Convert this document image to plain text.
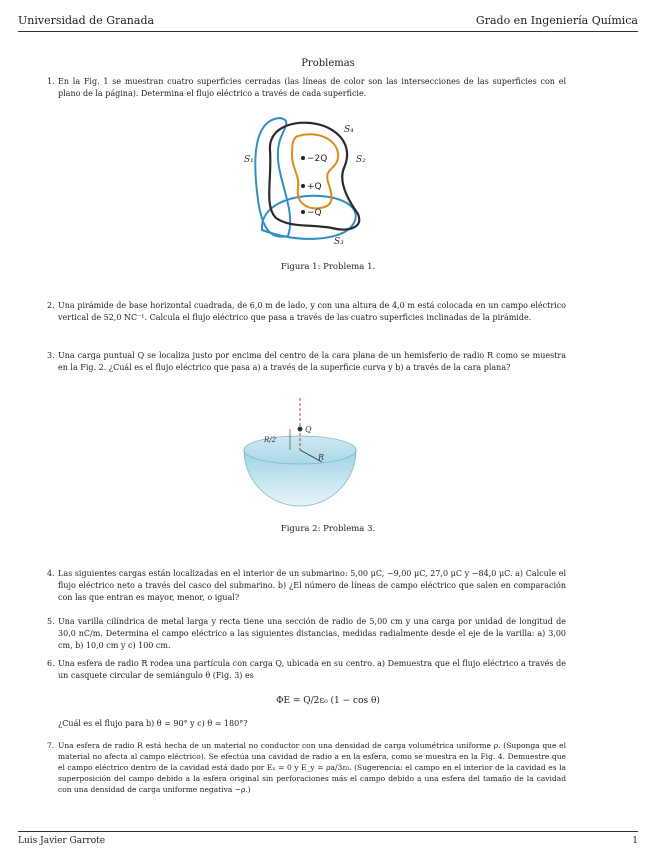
Universidad de Granada	Grado en Ingeniería Química
Problemas
1. En la Fig. 1 se muestran cuatro superficies cerradas (las líneas de color son las intersecciones de las superficies con el plano de la página). Determina el flujo eléctrico a través de cada superficie.
−2Q
+Q
−Q
S₄
S₁	S₂
S₃
Figura 1: Problema 1.
2. Una pirámide de base horizontal cuadrada, de 6,0 m de lado, y con una altura de 4,0 m está colocada en un campo eléctrico vertical de 52,0 NC⁻¹. Calcula el flujo eléctrico que pasa a través de las cuatro superficies inclinadas de la pirámide.
3. Una carga puntual Q se localiza justo por encima del centro de la cara plana de un hemisferio de radio R como se muestra en la Fig. 2. ¿Cuál es el flujo eléctrico que pasa a) a través de la superficie curva y b) a través de la cara plana?
R/2
Q
R
Figura 2: Problema 3.
4. Las siguientes cargas están localizadas en el interior de un submarino: 5,00 μC, −9,00 μC, 27,0 μC y −84,0 μC. a) Calcule el flujo eléctrico neto a través del casco del submarino. b) ¿El número de líneas de campo eléctrico que salen en comparación con las que entran es mayor, menor, o igual?
5. Una varilla cilíndrica de metal larga y recta tiene una sección de radio de 5,00 cm y una carga por unidad de longitud de 30,0 nC/m. Determina el campo eléctrico a las siguientes distancias, medidas radialmente desde el eje de la varilla: a) 3,00 cm, b) 10,0 cm y c) 100 cm.
6. Una esfera de radio R rodea una partícula con carga Q, ubicada en su centro. a) Demuestra que el flujo eléctrico a través de un casquete circular de semiángulo θ (Fig. 3) es
ΦE = Q/2ε₀ (1 − cos θ)
¿Cuál es el flujo para b) θ = 90° y c) θ = 180°?
7. Una esfera de radio R está hecha de un material no conductor con una densidad de carga volumétrica uniforme ρ. (Suponga que el material no afecta al campo eléctrico). Se efectúa una cavidad de radio a en la esfera, como se muestra en la Fig. 4. Demuestre que el campo eléctrico dentro de la cavidad está dado por Eₓ = 0 y E_y = ρa/3ε₀. (Sugerencia: el campo en el interior de la cavidad es la superposición del campo debido a la esfera original sin perforaciones más el campo debido a una esfera del tamaño de la cavidad con una densidad de carga uniforme negativa −ρ.)
Luis Javier Garrote	1
